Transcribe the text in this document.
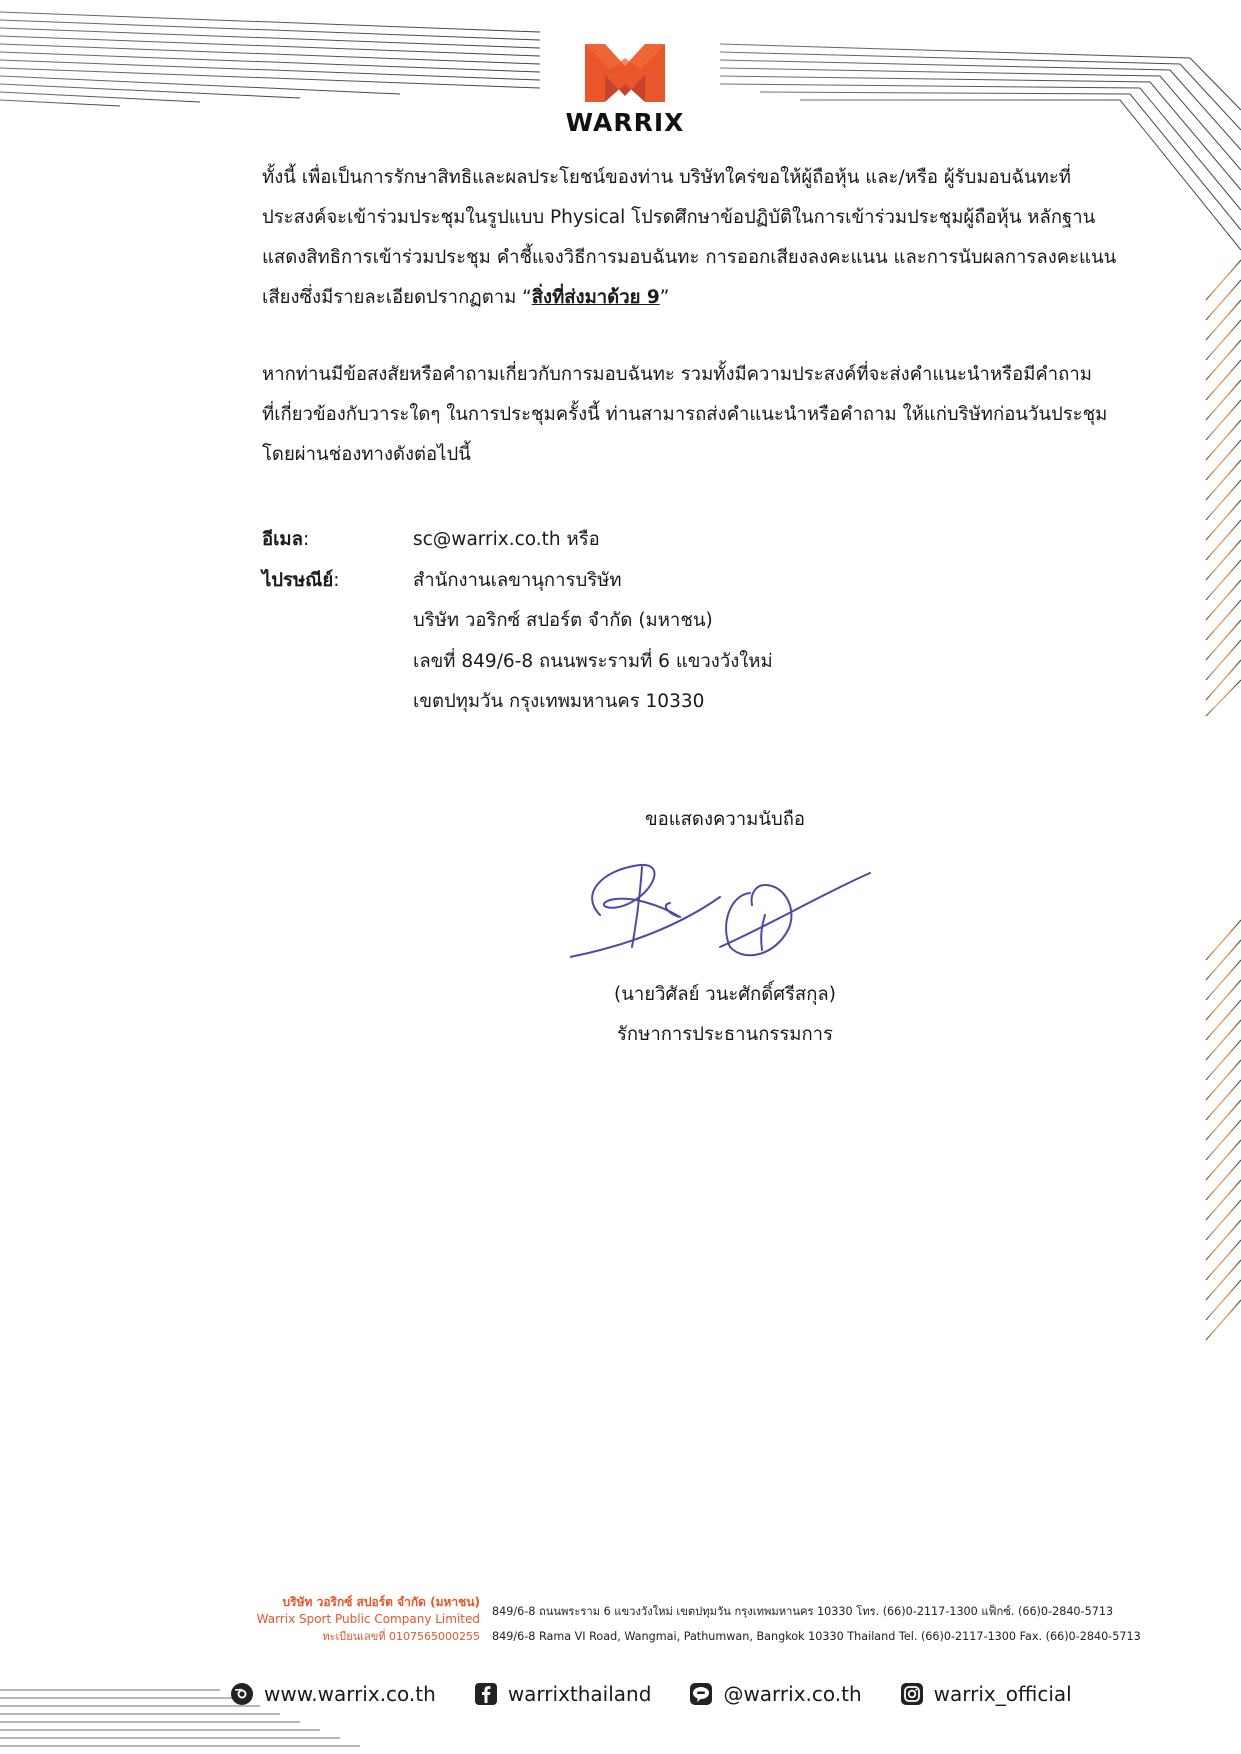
WARRIX
ทั้งนี้ เพื่อเป็นการรักษาสิทธิและผลประโยชน์ของท่าน บริษัทใคร่ขอให้ผู้ถือหุ้น และ/หรือ ผู้รับมอบฉันทะที่
ประสงค์จะเข้าร่วมประชุมในรูปแบบ Physical โปรดศึกษาข้อปฏิบัติในการเข้าร่วมประชุมผู้ถือหุ้น หลักฐาน
แสดงสิทธิการเข้าร่วมประชุม คำชี้แจงวิธีการมอบฉันทะ การออกเสียงลงคะแนน และการนับผลการลงคะแนน
เสียงซึ่งมีรายละเอียดปรากฏตาม “สิ่งที่ส่งมาด้วย 9”
หากท่านมีข้อสงสัยหรือคำถามเกี่ยวกับการมอบฉันทะ รวมทั้งมีความประสงค์ที่จะส่งคำแนะนำหรือมีคำถาม
ที่เกี่ยวข้องกับวาระใดๆ ในการประชุมครั้งนี้ ท่านสามารถส่งคำแนะนำหรือคำถาม ให้แก่บริษัทก่อนวันประชุม
โดยผ่านช่องทางดังต่อไปนี้
อีเมล:	sc@warrix.co.th หรือ
ไปรษณีย์:	สำนักงานเลขานุการบริษัท
บริษัท วอริกซ์ สปอร์ต จำกัด (มหาชน)
เลขที่ 849/6-8 ถนนพระรามที่ 6 แขวงวังใหม่
เขตปทุมวัน กรุงเทพมหานคร 10330
ขอแสดงความนับถือ
(นายวิศัลย์ วนะศักดิ์ศรีสกุล)
รักษาการประธานกรรมการ
บริษัท วอริกซ์ สปอร์ต จำกัด (มหาชน)
Warrix Sport Public Company Limited
ทะเบียนเลขที่ 0107565000255
849/6-8 ถนนพระราม 6 แขวงวังใหม่ เขตปทุมวัน กรุงเทพมหานคร 10330 โทร. (66)0-2117-1300 แฟ็กซ์. (66)0-2840-5713
849/6-8 Rama VI Road, Wangmai, Pathumwan, Bangkok 10330 Thailand Tel. (66)0-2117-1300 Fax. (66)0-2840-5713
www.warrix.co.th	warrixthailand	@warrix.co.th	warrix_official
